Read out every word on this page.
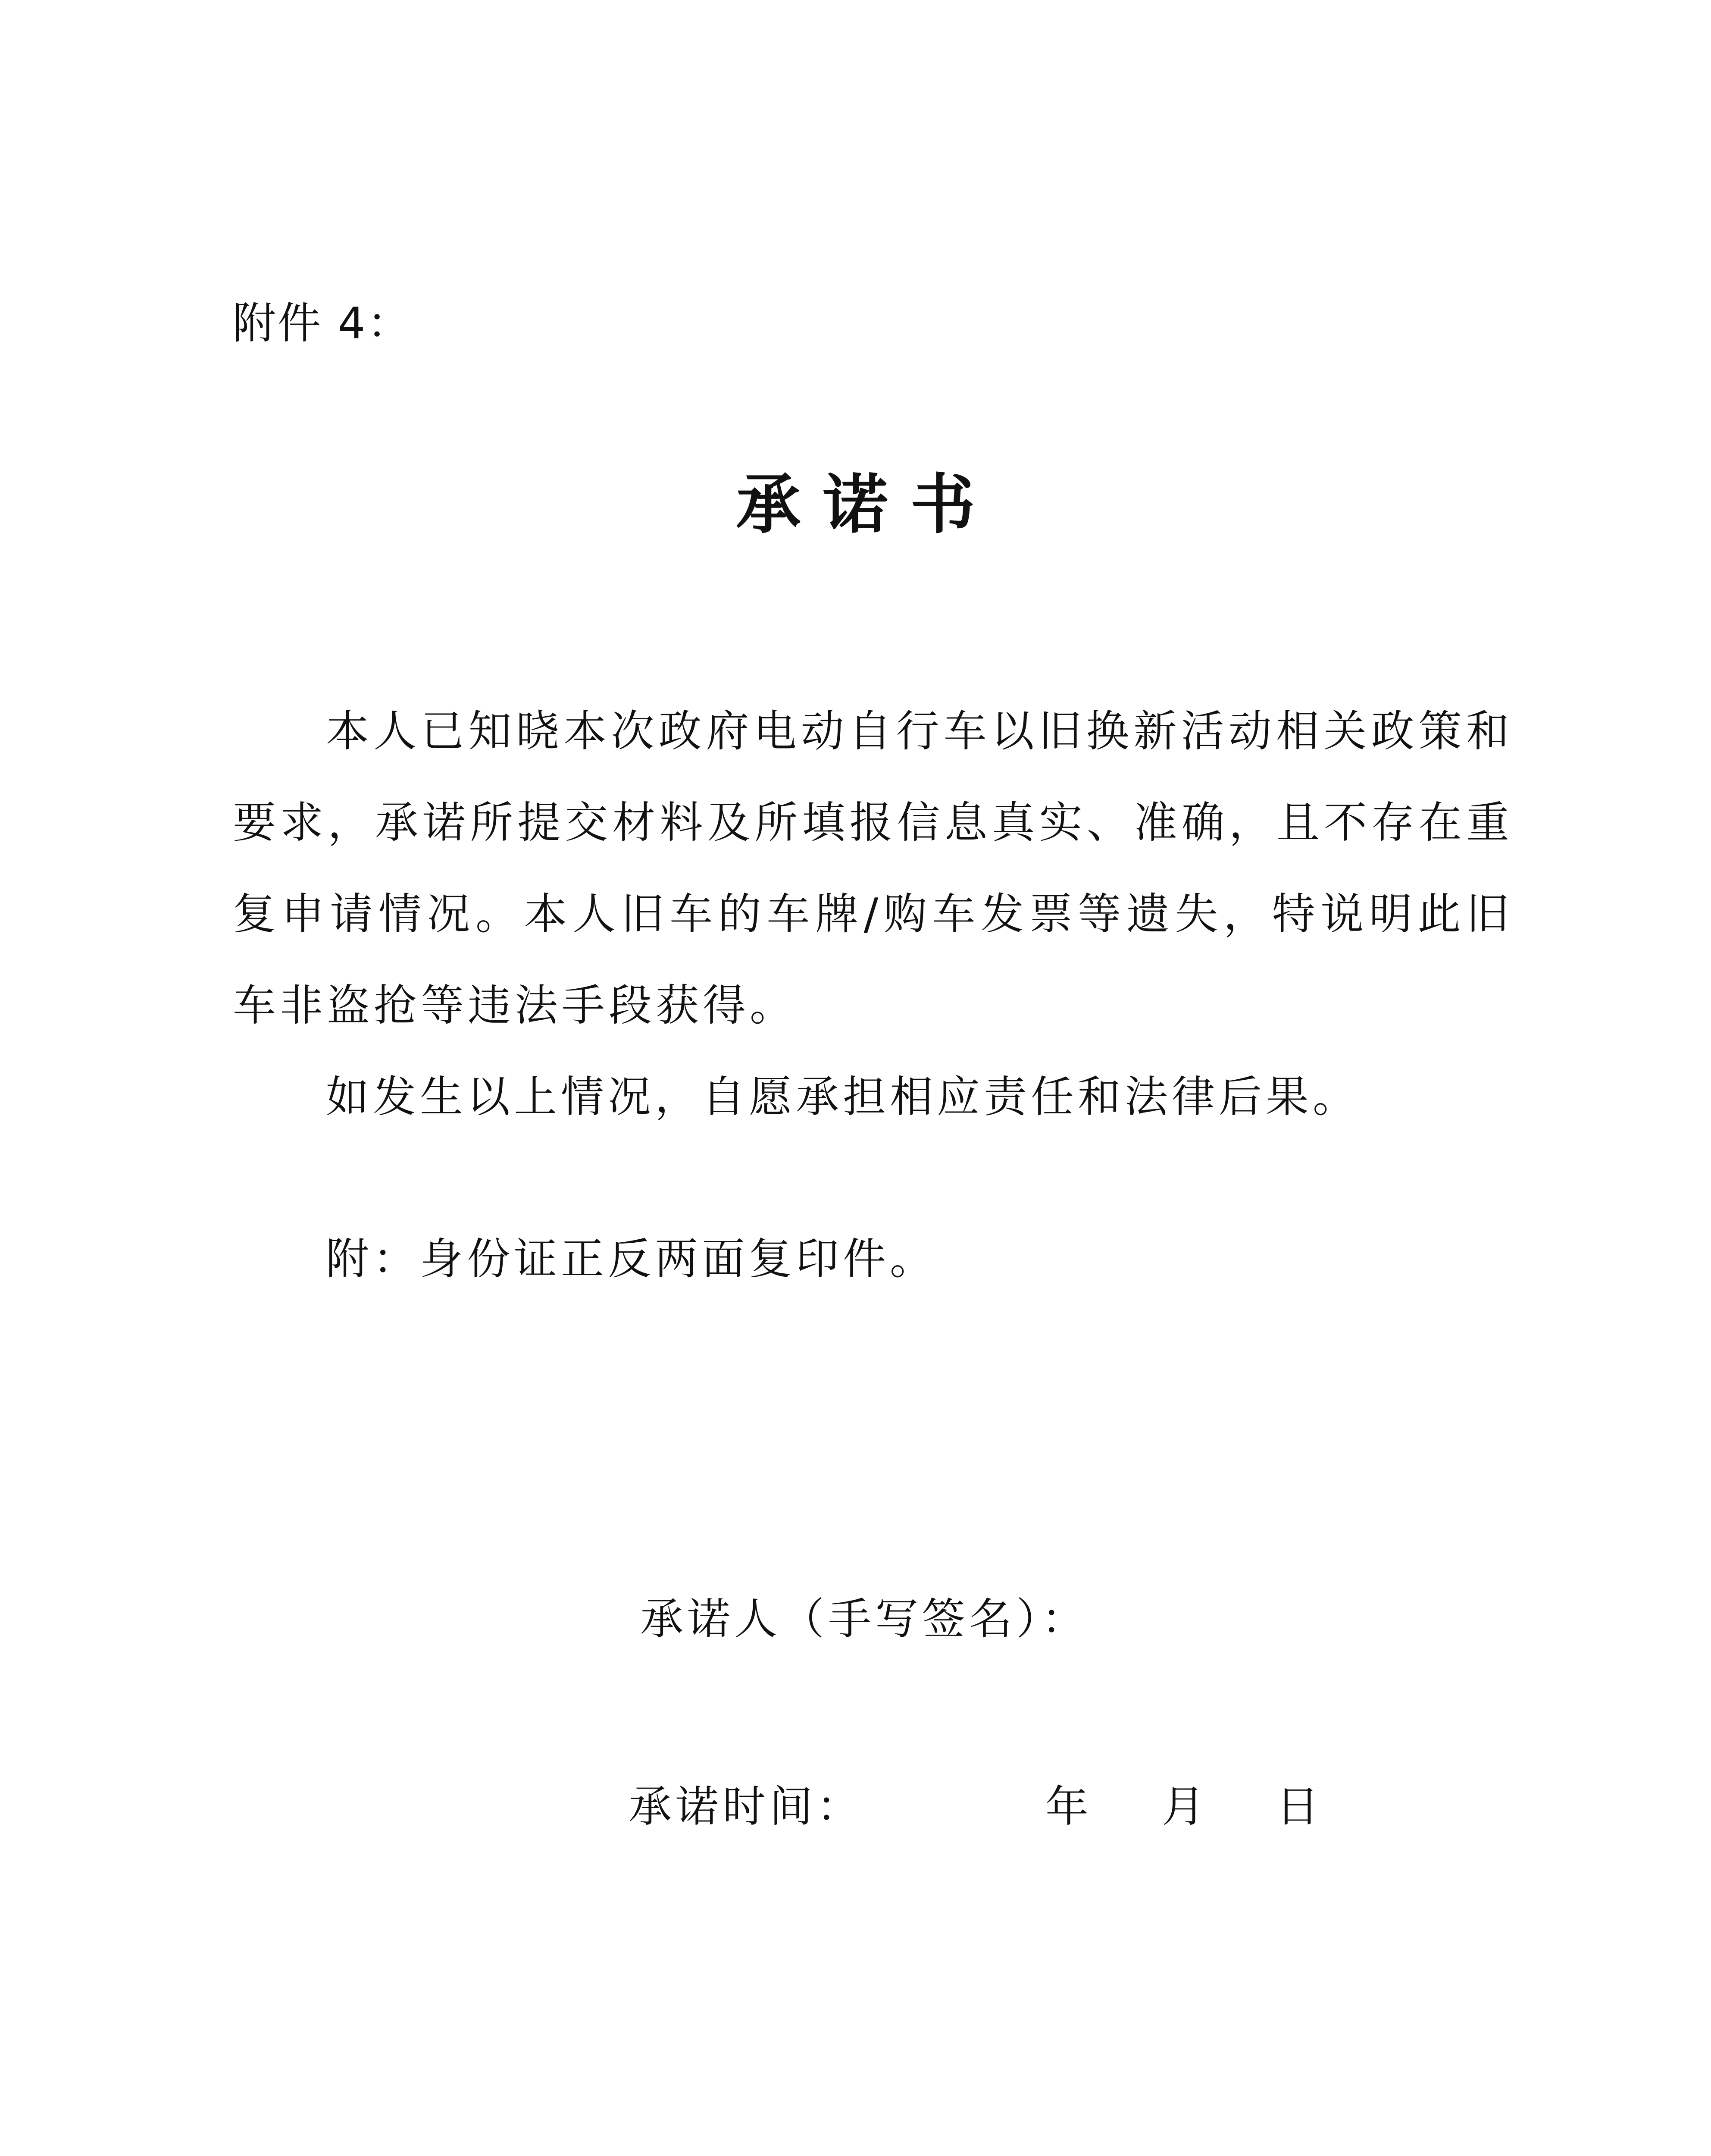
附件 4：
承 诺 书

本人已知晓本次政府电动自行车以旧换新活动相关政策和要求，承诺所提交材料及所填报信息真实、准确，且不存在重复申请情况。本人旧车的车牌/购车发票等遗失，特说明此旧车非盗抢等违法手段获得。

如发生以上情况，自愿承担相应责任和法律后果。

附：身份证正反两面复印件。
承诺人（手写签名）：
承诺时间：	年 月 日
